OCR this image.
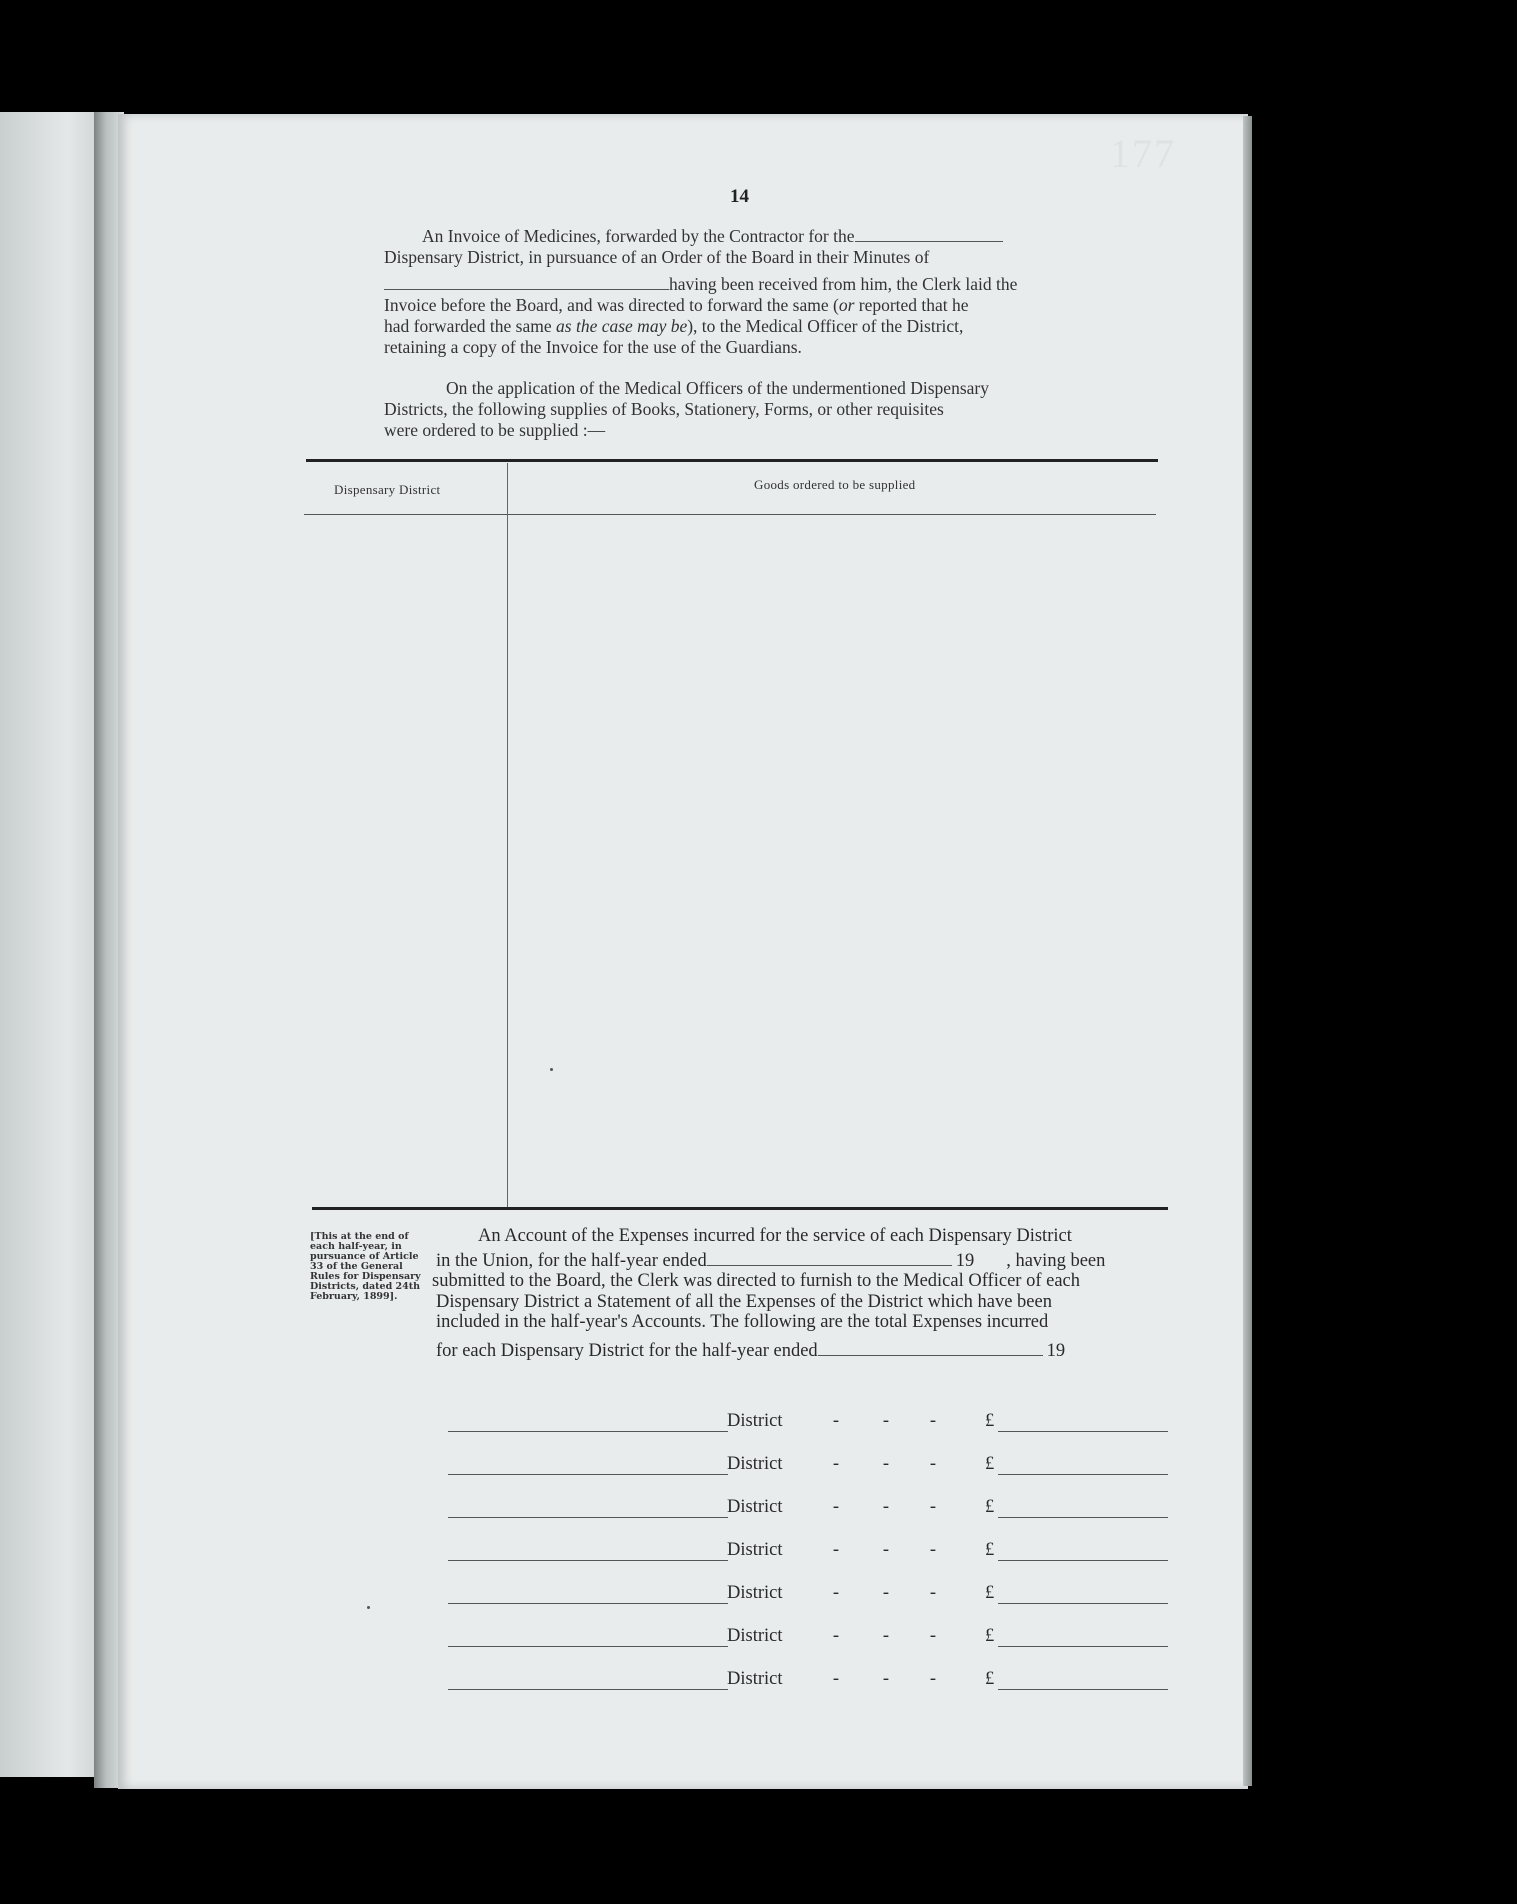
177
14
An Invoice of Medicines, forwarded by the Contractor for the
Dispensary District, in pursuance of an Order of the Board in their Minutes of
having been received from him, the Clerk laid the
Invoice before the Board, and was directed to forward the same (or reported that he
had forwarded the same as the case may be), to the Medical Officer of the District,
retaining a copy of the Invoice for the use of the Guardians.
On the application of the Medical Officers of the undermentioned Dispensary
Districts, the following supplies of Books, Stationery, Forms, or other requisites
were ordered to be supplied :—
Dispensary District	Goods ordered to be supplied
[This at the end of each half-year, in pursuance of Article 33 of the General Rules for Dispensary Districts, dated 24th February, 1899].
An Account of the Expenses incurred for the service of each Dispensary District
in the Union, for the half-year ended	19 , having been
submitted to the Board, the Clerk was directed to furnish to the Medical Officer of each
Dispensary District a Statement of all the Expenses of the District which have been
included in the half-year's Accounts. The following are the total Expenses incurred
for each Dispensary District for the half-year ended	19
District	- - -	£
District	- - -	£
District	- - -	£
District	- - -	£
District	- - -	£
District	- - -	£
District	- - -	£
